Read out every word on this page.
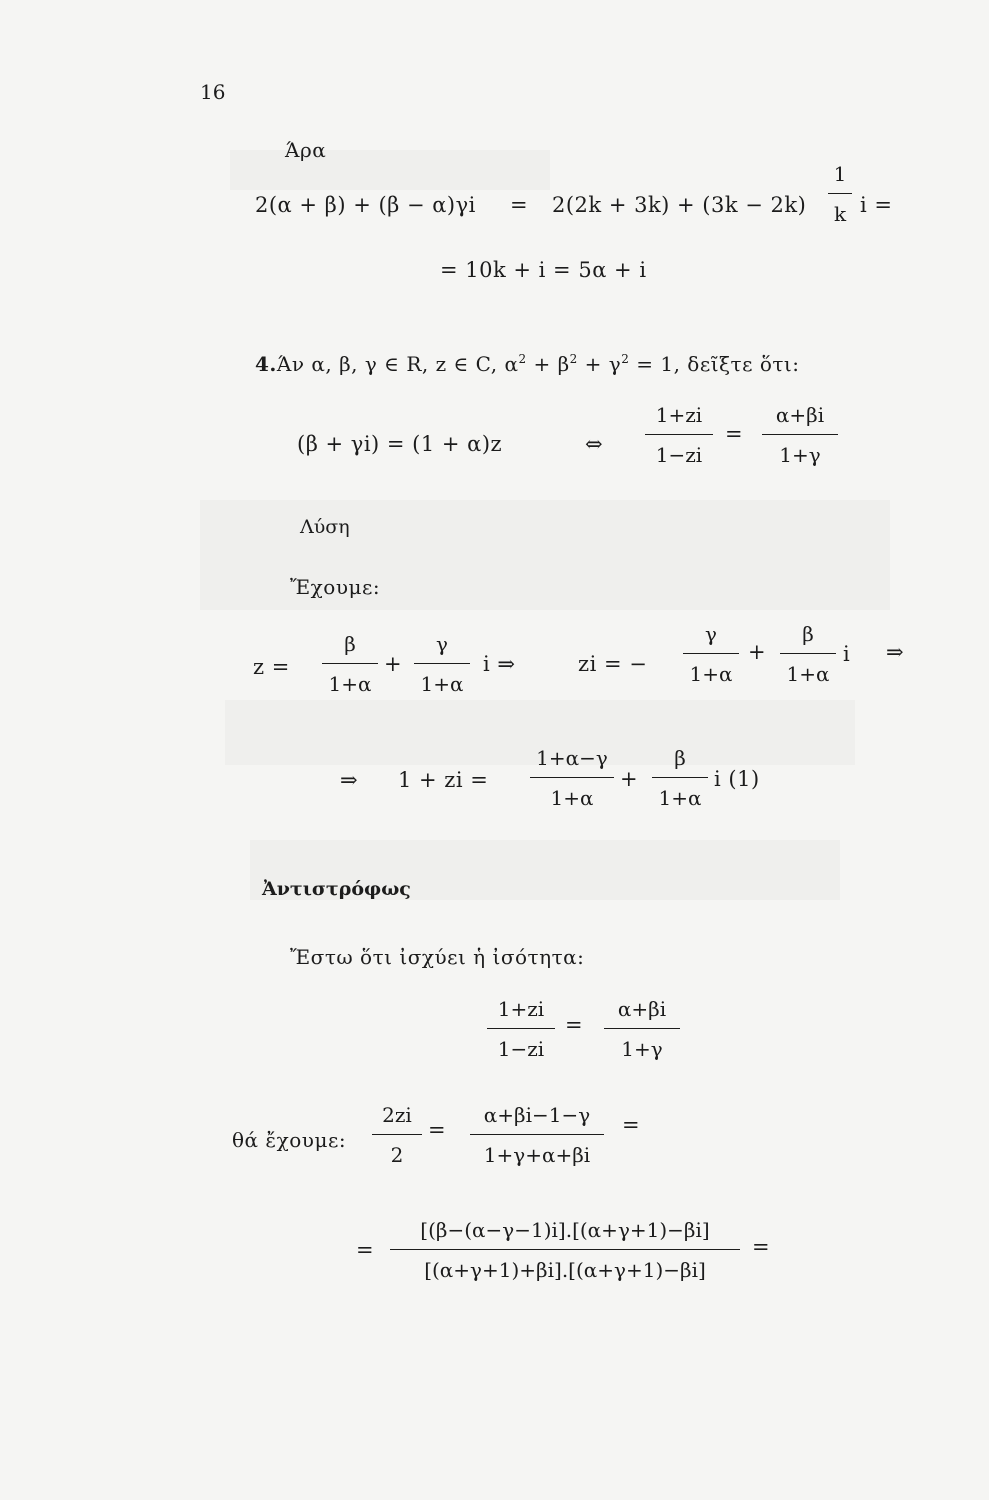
16
Άρα
2(α + β) + (β − α)γi = 2(2k + 3k) + (3k − 2k)
1
k i =
= 10k + i = 5α + i
4.Άν α, β, γ ∈ R, z ∈ C, $\alpha^2 + \beta^2 + \gamma^2 = 1$, δεῖξτε ὅτι:
(β + γi) = (1 + α)z	⇔
1+zi
1−zi
=
α+βi
1+γ
Λύση
Ἔχουμε:
z =
β
1+α
+
γ
1+α
i ⇒	zi = −
γ
1+α
+
β
1+α
i ⇒
⇒ 1 + zi =
1+α−γ
1+α
+
β
1+α
i (1)
Ἀντιστρόφως
Ἔστω ὅτι ἰσχύει ἡ ἰσότητα:
1+zi
1−zi
=
α+βi
1+γ
θά ἔχουμε:
2zi
2
=
α+βi−1−γ
1+γ+α+βi
=
=
[(β−(α−γ−1)i].[(α+γ+1)−βi]
[(α+γ+1)+βi].[(α+γ+1)−βi]
=
